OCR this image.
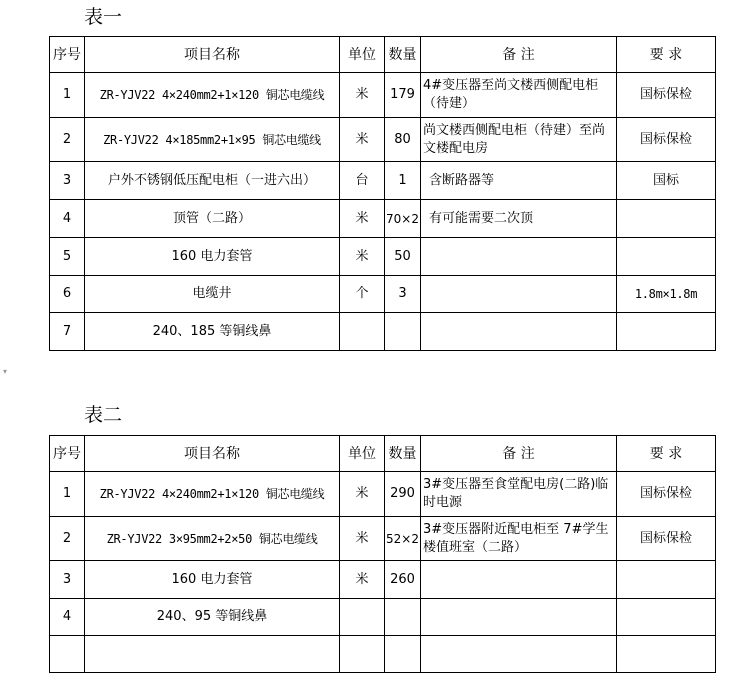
表一
序号	项目名称	单位	数量	备 注	要 求
1	ZR-YJV22 4×240mm2+1×120 铜芯电缆线	米	179	4#变压器至尚文楼西侧配电柜（待建）	国标保检
2	ZR-YJV22 4×185mm2+1×95 铜芯电缆线	米	80	尚文楼西侧配电柜（待建）至尚文楼配电房	国标保检
3	户外不锈钢低压配电柜（一进六出）	台	1	含断路器等	国标
4	顶管（二路）	米	70×2	有可能需要二次顶	
5	160 电力套管	米	50		
6	电缆井	个	3		1.8m×1.8m
7	240、185 等铜线鼻				
▾
表二
序号	项目名称	单位	数量	备 注	要 求
1	ZR-YJV22 4×240mm2+1×120 铜芯电缆线	米	290	3#变压器至食堂配电房(二路)临时电源	国标保检
2	ZR-YJV22 3×95mm2+2×50 铜芯电缆线	米	52×2	3#变压器附近配电柜至 7#学生楼值班室（二路）	国标保检
3	160 电力套管	米	260		
4	240、95 等铜线鼻				
